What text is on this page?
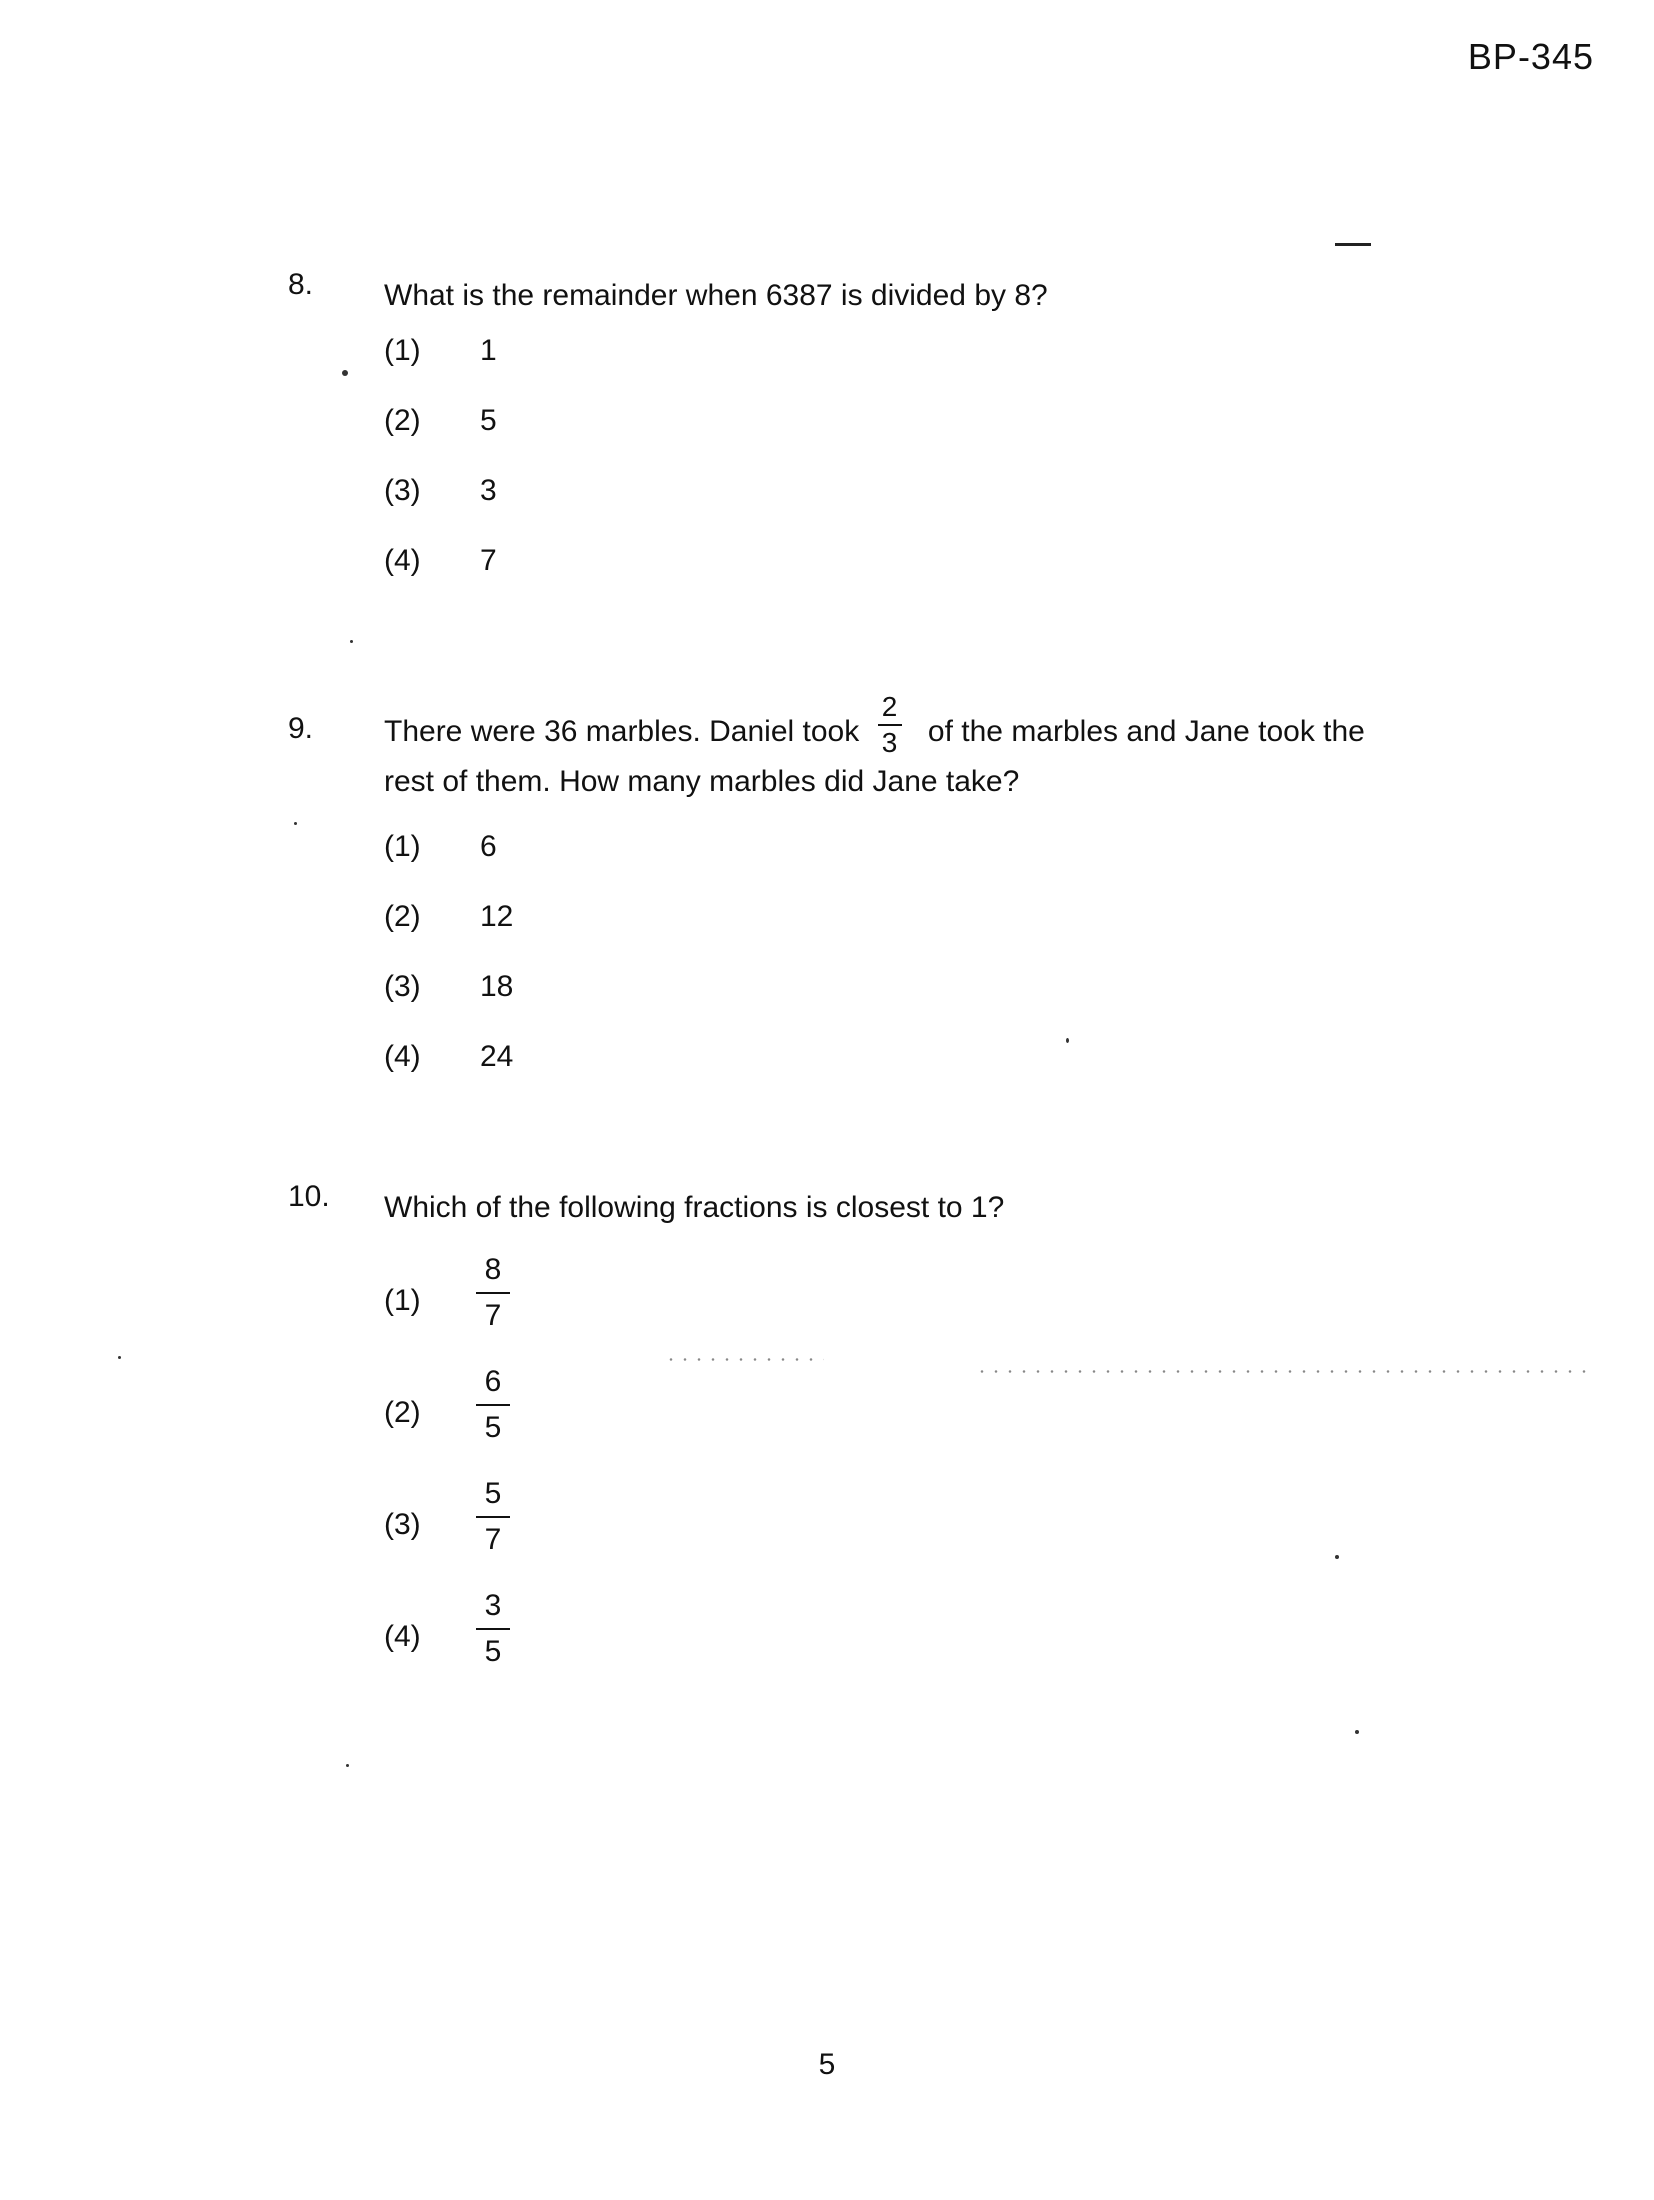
BP-345
8. What is the remainder when 6387 is divided by 8?
(1) 1
(2) 5
(3) 3
(4) 7
9. There were 36 marbles. Daniel took $\frac{2}{3}$ of the marbles and Jane took the
rest of them. How many marbles did Jane take?
(1) 6
(2) 12
(3) 18
(4) 24
10. Which of the following fractions is closest to 1?
(1)
8
7
(2)
6
5
(3)
5
7
(4)
3
5
5
